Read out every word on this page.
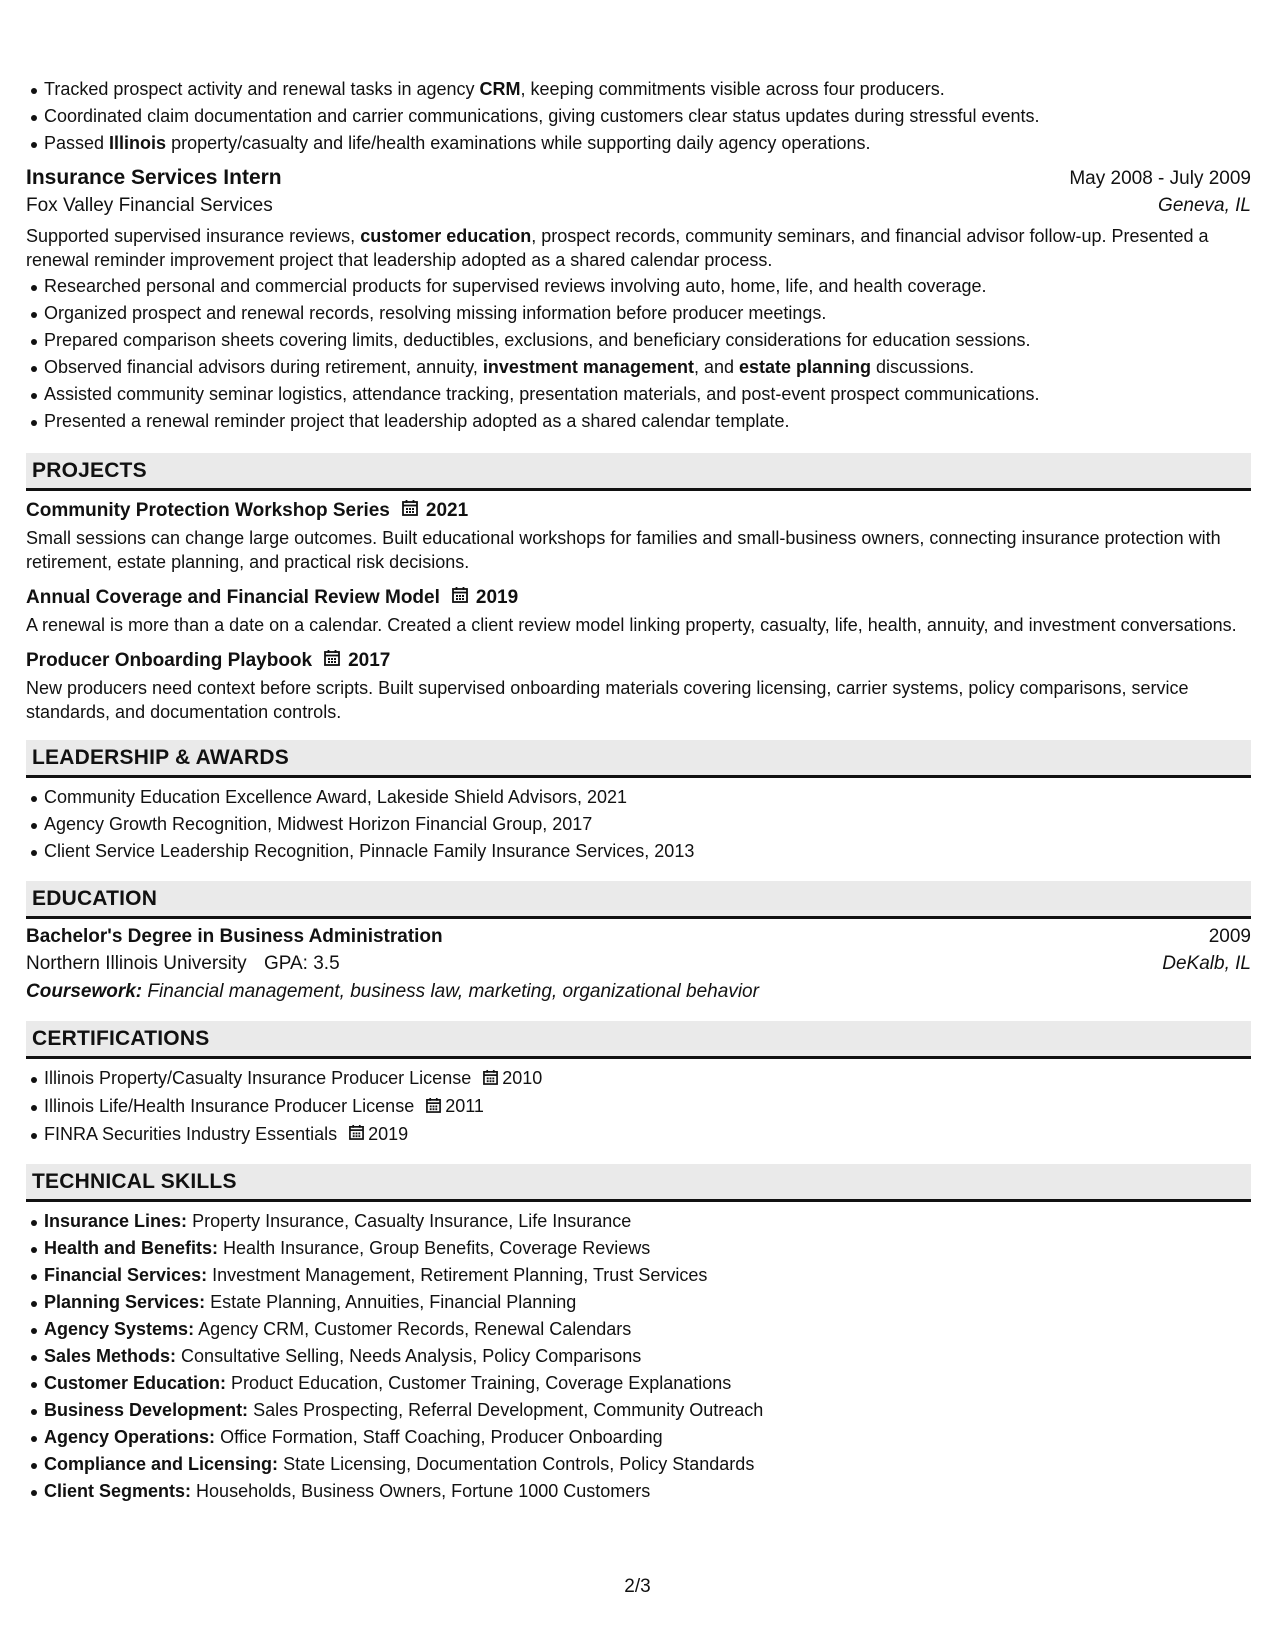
Tracked prospect activity and renewal tasks in agency CRM, keeping commitments visible across four producers.
Coordinated claim documentation and carrier communications, giving customers clear status updates during stressful events.
Passed Illinois property/casualty and life/health examinations while supporting daily agency operations.
Insurance Services Intern	May 2008 - July 2009
Fox Valley Financial Services	Geneva, IL
Supported supervised insurance reviews, customer education, prospect records, community seminars, and financial advisor follow-up. Presented a renewal reminder improvement project that leadership adopted as a shared calendar process.
Researched personal and commercial products for supervised reviews involving auto, home, life, and health coverage.
Organized prospect and renewal records, resolving missing information before producer meetings.
Prepared comparison sheets covering limits, deductibles, exclusions, and beneficiary considerations for education sessions.
Observed financial advisors during retirement, annuity, investment management, and estate planning discussions.
Assisted community seminar logistics, attendance tracking, presentation materials, and post-event prospect communications.
Presented a renewal reminder project that leadership adopted as a shared calendar template.
PROJECTS
Community Protection Workshop Series 2021
Small sessions can change large outcomes. Built educational workshops for families and small-business owners, connecting insurance protection with retirement, estate planning, and practical risk decisions.
Annual Coverage and Financial Review Model 2019
A renewal is more than a date on a calendar. Created a client review model linking property, casualty, life, health, annuity, and investment conversations.
Producer Onboarding Playbook 2017
New producers need context before scripts. Built supervised onboarding materials covering licensing, carrier systems, policy comparisons, service standards, and documentation controls.
LEADERSHIP & AWARDS
Community Education Excellence Award, Lakeside Shield Advisors, 2021
Agency Growth Recognition, Midwest Horizon Financial Group, 2017
Client Service Leadership Recognition, Pinnacle Family Insurance Services, 2013
EDUCATION
Bachelor's Degree in Business Administration	2009
Northern Illinois University GPA: 3.5	DeKalb, IL
Coursework: Financial management, business law, marketing, organizational behavior
CERTIFICATIONS
Illinois Property/Casualty Insurance Producer License 2010
Illinois Life/Health Insurance Producer License 2011
FINRA Securities Industry Essentials 2019
TECHNICAL SKILLS
Insurance Lines: Property Insurance, Casualty Insurance, Life Insurance
Health and Benefits: Health Insurance, Group Benefits, Coverage Reviews
Financial Services: Investment Management, Retirement Planning, Trust Services
Planning Services: Estate Planning, Annuities, Financial Planning
Agency Systems: Agency CRM, Customer Records, Renewal Calendars
Sales Methods: Consultative Selling, Needs Analysis, Policy Comparisons
Customer Education: Product Education, Customer Training, Coverage Explanations
Business Development: Sales Prospecting, Referral Development, Community Outreach
Agency Operations: Office Formation, Staff Coaching, Producer Onboarding
Compliance and Licensing: State Licensing, Documentation Controls, Policy Standards
Client Segments: Households, Business Owners, Fortune 1000 Customers
2/3
